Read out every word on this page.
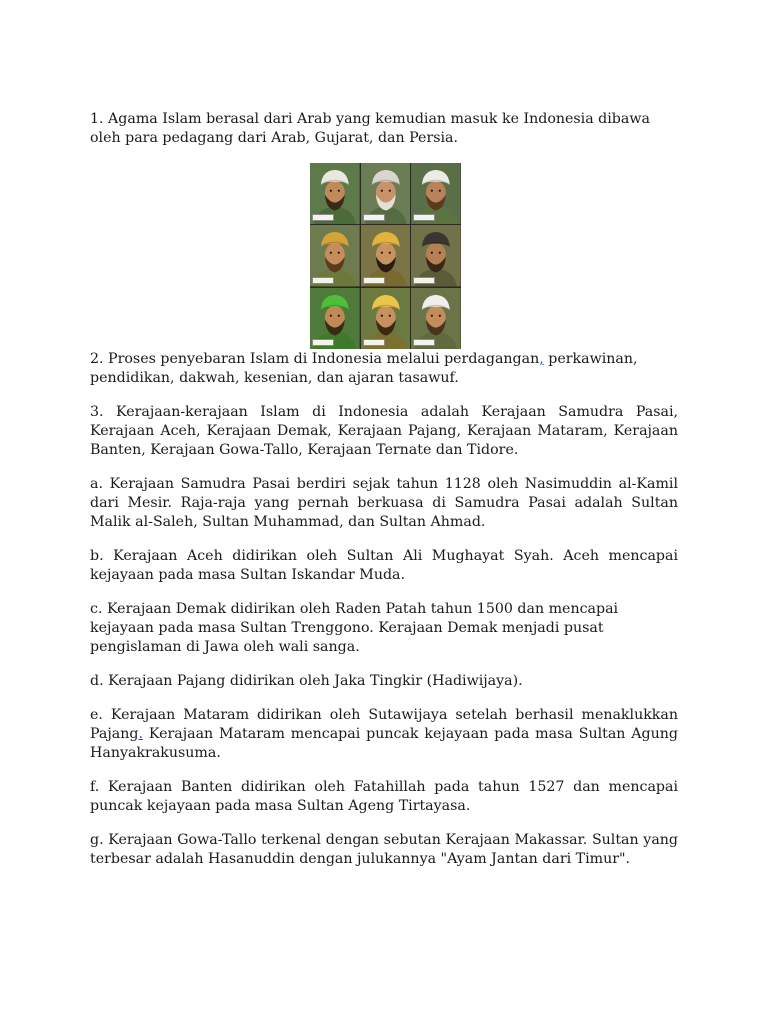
1. Agama Islam berasal dari Arab yang kemudian masuk ke Indonesia dibawa oleh para pedagang dari Arab, Gujarat, dan Persia.

2. Proses penyebaran Islam di Indonesia melalui perdagangan, perkawinan, pendidikan, dakwah, kesenian, dan ajaran tasawuf.

3. Kerajaan-kerajaan Islam di Indonesia adalah Kerajaan Samudra Pasai, Kerajaan Aceh, Kerajaan Demak, Kerajaan Pajang, Kerajaan Mataram, Kerajaan Banten, Kerajaan Gowa-Tallo, Kerajaan Ternate dan Tidore.

a. Kerajaan Samudra Pasai berdiri sejak tahun 1128 oleh Nasimuddin al-Kamil dari Mesir. Raja-raja yang pernah berkuasa di Samudra Pasai adalah Sultan Malik al-Saleh, Sultan Muhammad, dan Sultan Ahmad.

b. Kerajaan Aceh didirikan oleh Sultan Ali Mughayat Syah. Aceh mencapai kejayaan pada masa Sultan Iskandar Muda.

c. Kerajaan Demak didirikan oleh Raden Patah tahun 1500 dan mencapai kejayaan pada masa Sultan Trenggono. Kerajaan Demak menjadi pusat pengislaman di Jawa oleh wali sanga.

d. Kerajaan Pajang didirikan oleh Jaka Tingkir (Hadiwijaya).

e. Kerajaan Mataram didirikan oleh Sutawijaya setelah berhasil menaklukkan Pajang. Kerajaan Mataram mencapai puncak kejayaan pada masa Sultan Agung Hanyakrakusuma.

f. Kerajaan Banten didirikan oleh Fatahillah pada tahun 1527 dan mencapai puncak kejayaan pada masa Sultan Ageng Tirtayasa.

g. Kerajaan Gowa-Tallo terkenal dengan sebutan Kerajaan Makassar. Sultan yang terbesar adalah Hasanuddin dengan julukannya "Ayam Jantan dari Timur".
